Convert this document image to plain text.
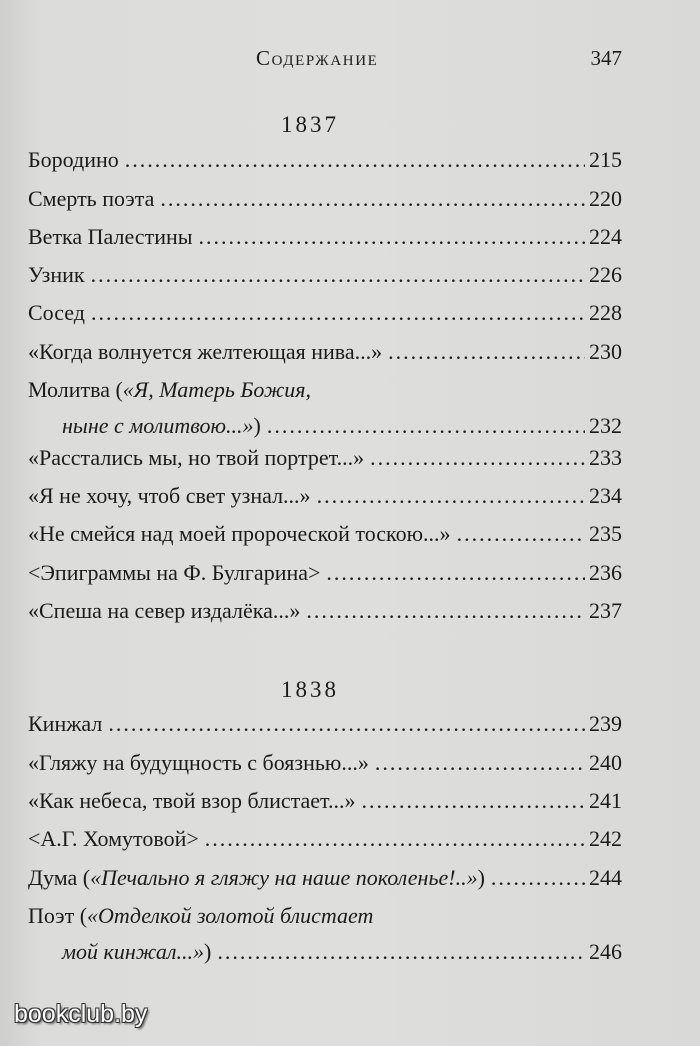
Содержание	347
1837
Бородино .....	215
Смерть поэта .....	220
Ветка Палестины .....	224
Узник .....	226
Сосед .....	228
«Когда волнуется желтеющая нива...» .....	230
Молитва («Я, Матерь Божия,
ныне с молитвою...») .....	232
«Расстались мы, но твой портрет...» .....	233
«Я не хочу, чтоб свет узнал...» .....	234
«Не смейся над моей пророческой тоскою...» .....	235
<Эпиграммы на Ф. Булгарина> .....	236
«Спеша на север издалёка...» .....	237
1838
Кинжал .....	239
«Гляжу на будущность с боязнью...» .....	240
«Как небеса, твой взор блистает...» .....	241
<А.Г. Хомутовой> .....	242
Дума («Печально я гляжу на наше поколенье!..») .....	244
Поэт («Отделкой золотой блистает
мой кинжал...») .....	246
bookclub.by
